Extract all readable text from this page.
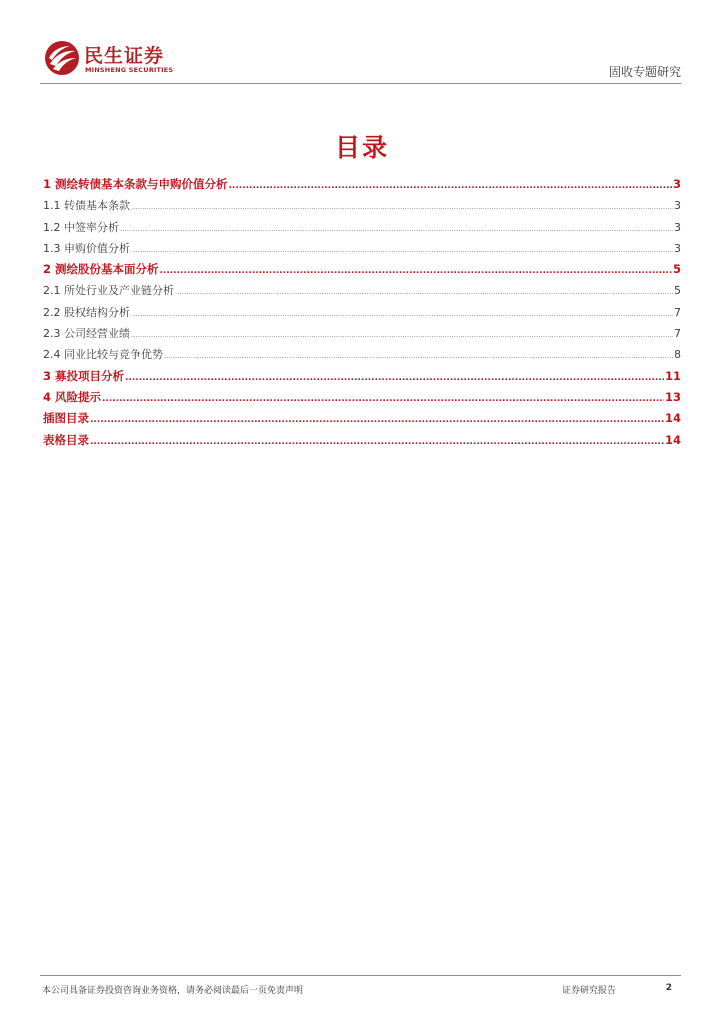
民生证券
MINSHENG SECURITIES	固收专题研究
目录
1 测绘转债基本条款与申购价值分析 .....	3
1.1 转债基本条款 .....	3
1.2 中签率分析 .....	3
1.3 申购价值分析 .....	3
2 测绘股份基本面分析 .....	5
2.1 所处行业及产业链分析 .....	5
2.2 股权结构分析 .....	7
2.3 公司经营业绩 .....	7
2.4 同业比较与竞争优势 .....	8
3 募投项目分析 .....	11
4 风险提示 .....	13
插图目录 .....	14
表格目录 .....	14
本公司具备证券投资咨询业务资格，请务必阅读最后一页免责声明	证券研究报告	2
